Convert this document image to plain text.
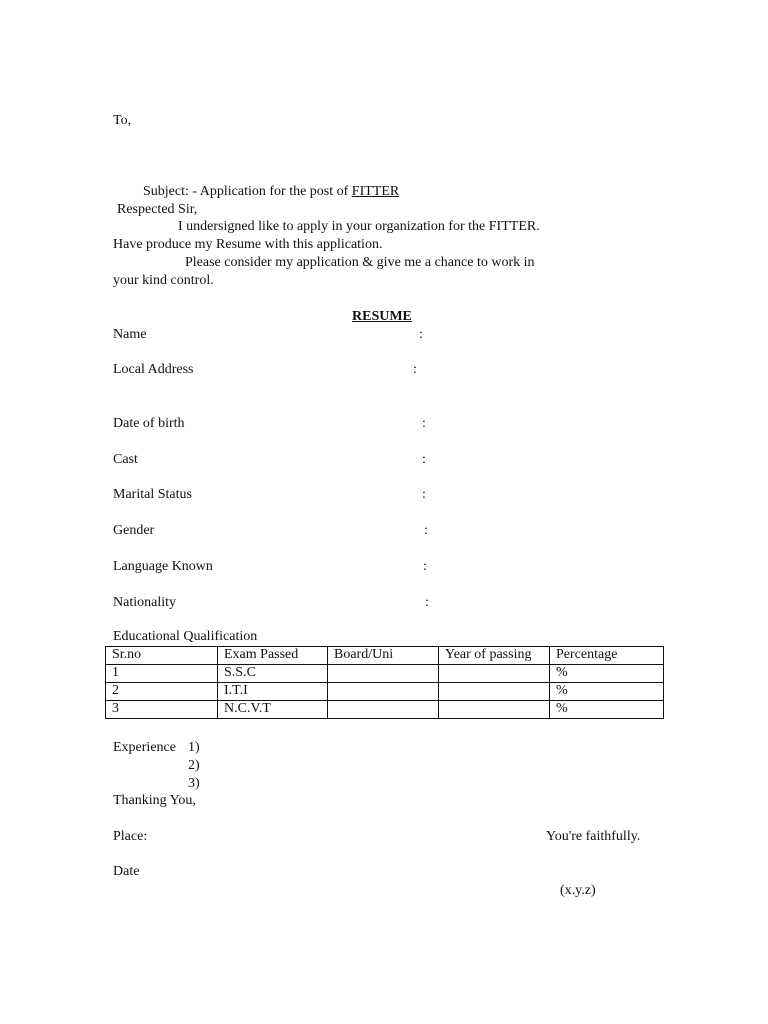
To,
Subject: - Application for the post of FITTER
Respected Sir,
I undersigned like to apply in your organization for the FITTER.
Have produce my Resume with this application.
Please consider my application & give me a chance to work in
your kind control.
RESUME
Name	:
Local Address	:
Date of birth	:
Cast	:
Marital Status	:
Gender	:
Language Known	:
Nationality	:
Educational Qualification
Sr.no	Exam Passed	Board/Uni	Year of passing	Percentage
1	S.S.C			%
2	I.T.I			%
3	N.C.V.T			%
Experience 1)
2)
3)
Thanking You,
Place:	You're faithfully.
Date
(x.y.z)
